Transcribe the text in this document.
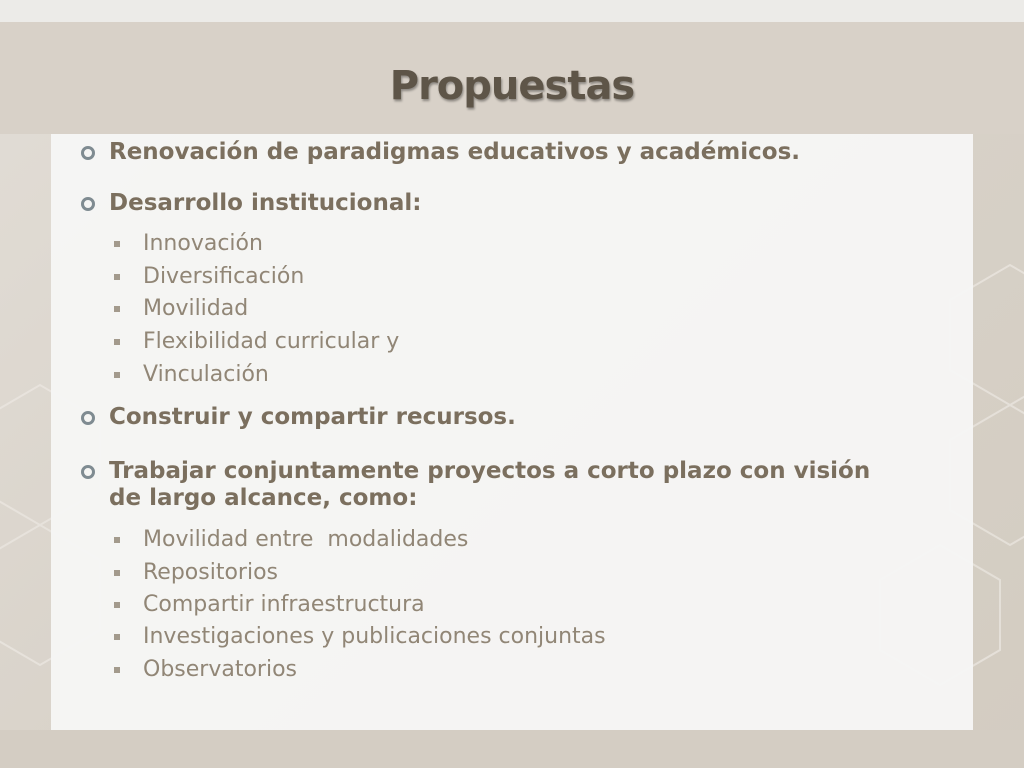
Propuestas
Renovación de paradigmas educativos y académicos.
Desarrollo institucional:
Innovación
Diversificación
Movilidad
Flexibilidad curricular y
Vinculación
Construir y compartir recursos.
Trabajar conjuntamente proyectos a corto plazo con visión
de largo alcance, como:
Movilidad entre  modalidades
Repositorios
Compartir infraestructura
Investigaciones y publicaciones conjuntas
Observatorios
